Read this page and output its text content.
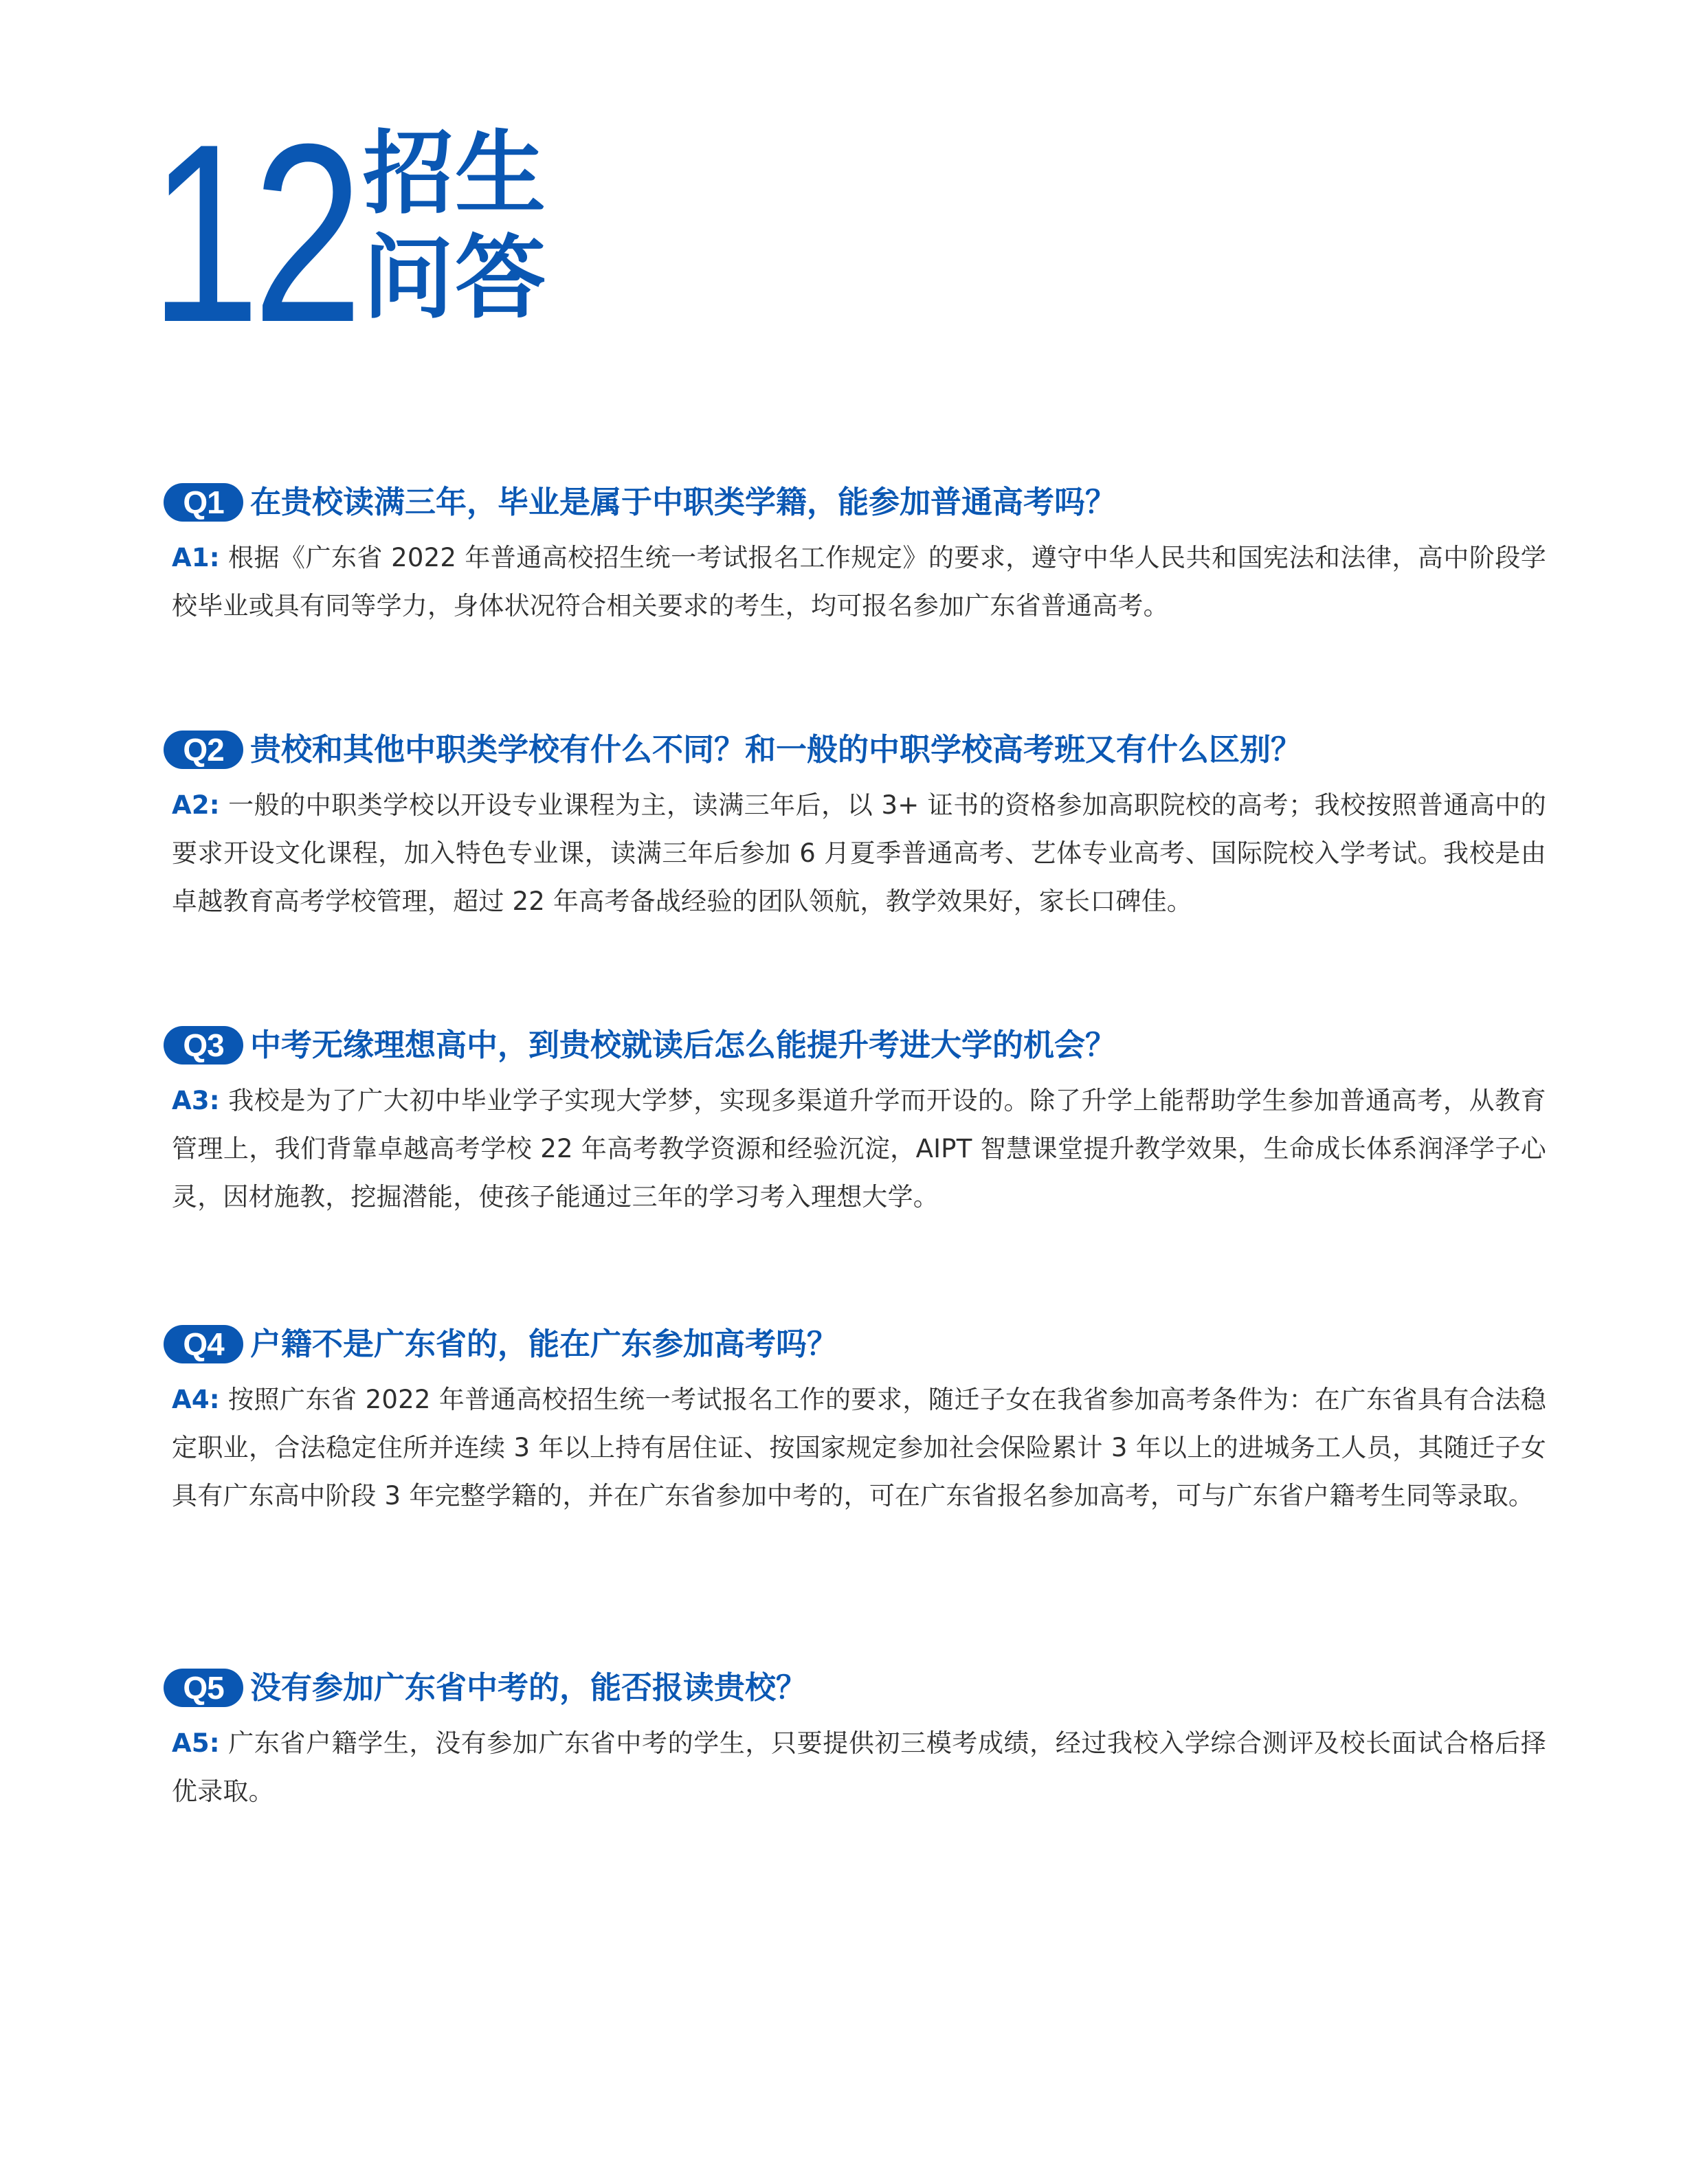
12 招生
问答
Q1 在贵校读满三年，毕业是属于中职类学籍，能参加普通高考吗？
A1: 根据《广东省 2022 年普通高校招生统一考试报名工作规定》的要求，遵守中华人民共和国宪法和法律，高中阶段学校毕业或具有同等学力，身体状况符合相关要求的考生，均可报名参加广东省普通高考。
Q2 贵校和其他中职类学校有什么不同？和一般的中职学校高考班又有什么区别？
A2: 一般的中职类学校以开设专业课程为主，读满三年后，以 3+ 证书的资格参加高职院校的高考；我校按照普通高中的要求开设文化课程，加入特色专业课，读满三年后参加 6 月夏季普通高考、艺体专业高考、国际院校入学考试。我校是由卓越教育高考学校管理，超过 22 年高考备战经验的团队领航，教学效果好，家长口碑佳。
Q3 中考无缘理想高中，到贵校就读后怎么能提升考进大学的机会？
A3: 我校是为了广大初中毕业学子实现大学梦，实现多渠道升学而开设的。除了升学上能帮助学生参加普通高考，从教育管理上，我们背靠卓越高考学校 22 年高考教学资源和经验沉淀，AIPT 智慧课堂提升教学效果，生命成长体系润泽学子心灵，因材施教，挖掘潜能，使孩子能通过三年的学习考入理想大学。
Q4 户籍不是广东省的，能在广东参加高考吗？
A4: 按照广东省 2022 年普通高校招生统一考试报名工作的要求，随迁子女在我省参加高考条件为：在广东省具有合法稳定职业，合法稳定住所并连续 3 年以上持有居住证、按国家规定参加社会保险累计 3 年以上的进城务工人员，其随迁子女具有广东高中阶段 3 年完整学籍的，并在广东省参加中考的，可在广东省报名参加高考，可与广东省户籍考生同等录取。
Q5 没有参加广东省中考的，能否报读贵校？
A5: 广东省户籍学生，没有参加广东省中考的学生，只要提供初三模考成绩，经过我校入学综合测评及校长面试合格后择优录取。
